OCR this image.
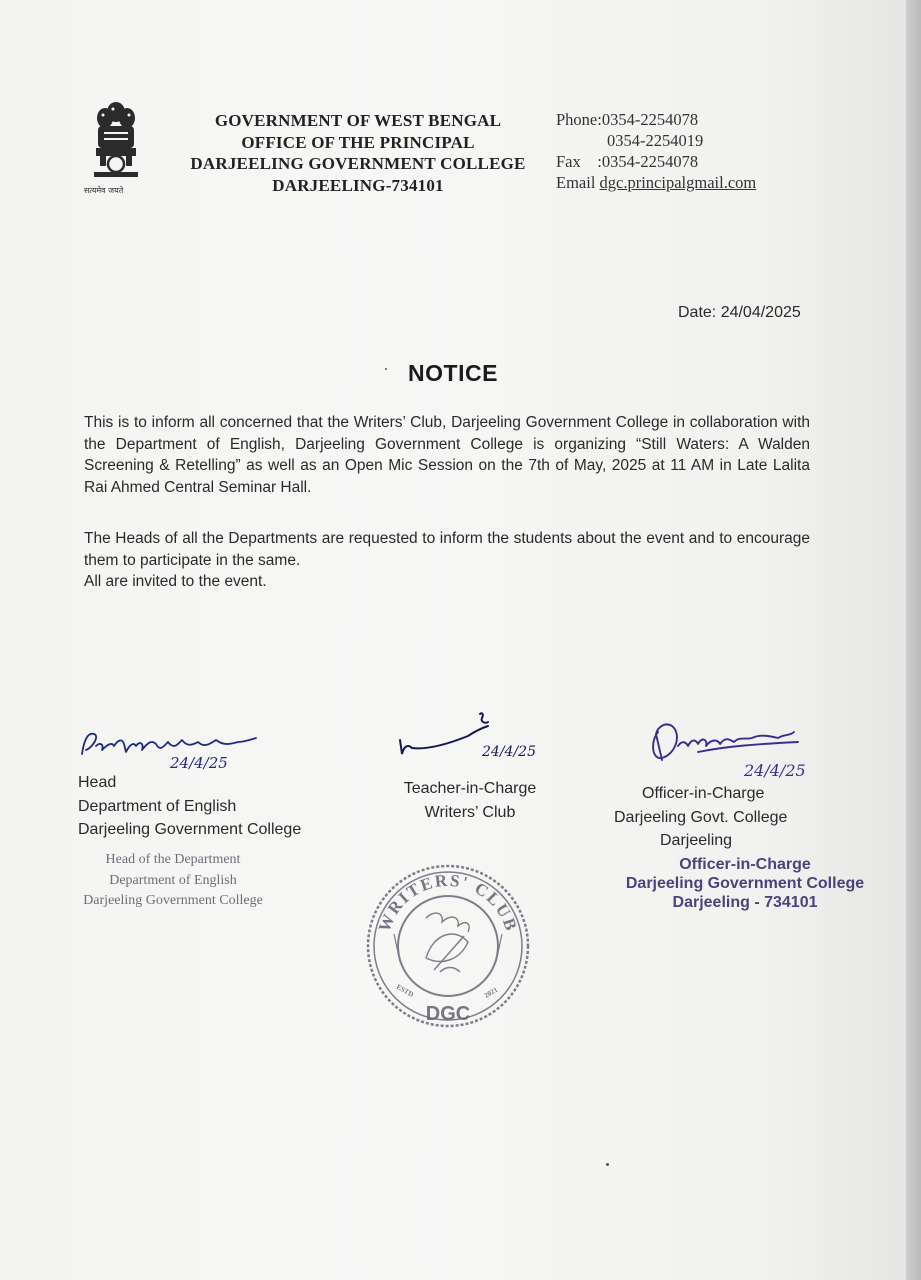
सत्यमेव जयते
GOVERNMENT OF WEST BENGAL
OFFICE OF THE PRINCIPAL
DARJEELING GOVERNMENT COLLEGE
DARJEELING-734101
Phone:0354-2254078
0354-2254019
Fax    :0354-2254078
Email dgc.principalgmail.com
Date: 24/04/2025
NOTICE
This is to inform all concerned that the Writers’ Club, Darjeeling Government College in collaboration with the Department of English, Darjeeling Government College is organizing “Still Waters: A Walden Screening & Retelling” as well as an Open Mic Session on the 7th of May, 2025 at 11 AM in Late Lalita Rai Ahmed Central Seminar Hall.
The Heads of all the Departments are requested to inform the students about the event and to encourage them to participate in the same.
All are invited to the event.
24/4/25
Head
Department of English
Darjeeling Government College
Head of the Department
Department of English
Darjeeling Government College
24/4/25
Teacher-in-Charge
Writers’ Club
24/4/25
Officer-in-Charge
Darjeeling Govt. College
Darjeeling
Officer-in-Charge
Darjeeling Government College
Darjeeling - 734101
WRITERS' CLUB
DGC
ESTD	2021
